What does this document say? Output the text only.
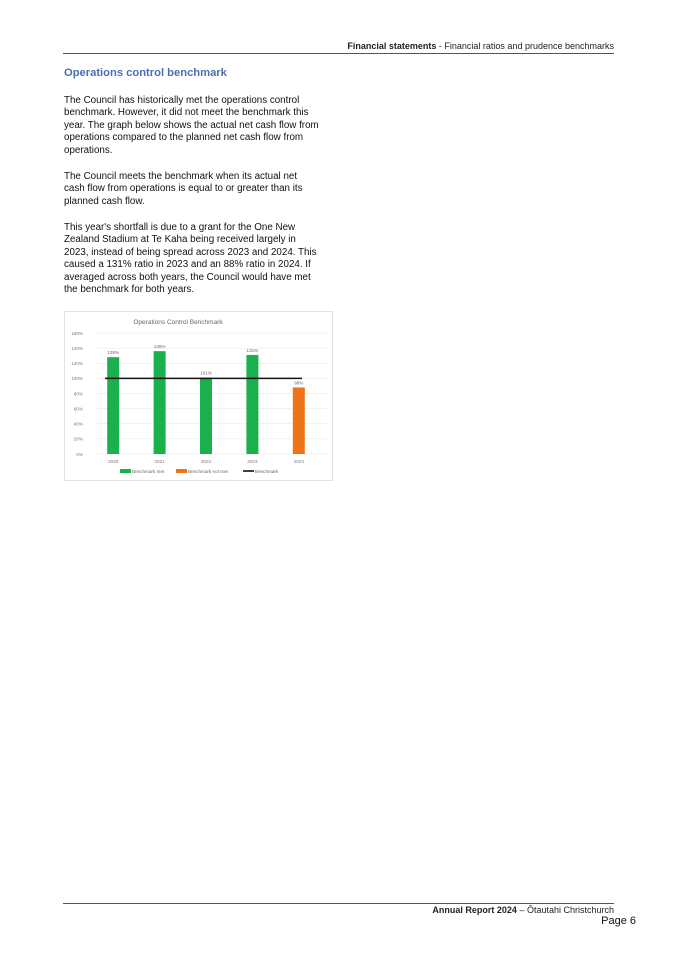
Financial statements - Financial ratios and prudence benchmarks
Operations control benchmark

The Council has historically met the operations control benchmark. However, it did not meet the benchmark this year. The graph below shows the actual net cash flow from operations compared to the planned net cash flow from operations.

The Council meets the benchmark when its actual net cash flow from operations is equal to or greater than its planned cash flow.

This year's shortfall is due to a grant for the One New Zealand Stadium at Te Kaha being received largely in 2023, instead of being spread across 2023 and 2024. This caused a 131% ratio in 2023 and an 88% ratio in 2024. If averaged across both years, the Council would have met the benchmark for both years.

Operations Control Benchmark
0%
20%
40%
60%
80%
100%
120%
140%
160%
128%
2020
136%
2021
101%
2022
131%
2023
88%
2024
Benchmark met	Benchmark not met	Benchmark
Annual Report 2024 – Ōtautahi Christchurch
Page 6
